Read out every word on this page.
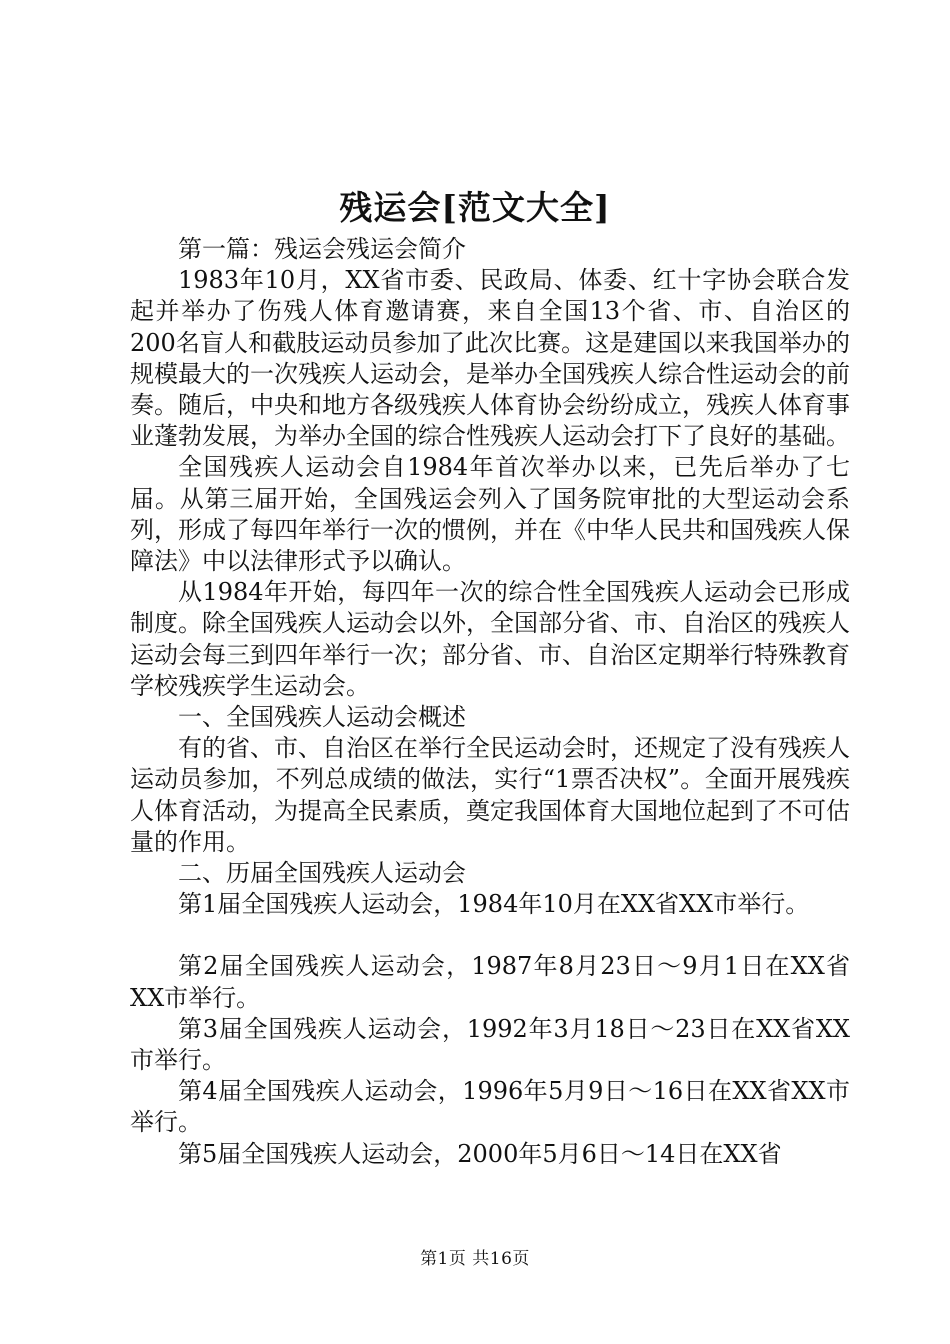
残运会[范文大全]

第一篇：残运会残运会简介

1983年10月，XX省市委、民政局、体委、红十字协会联合发起并举办了伤残人体育邀请赛，来自全国13个省、市、自治区的200名盲人和截肢运动员参加了此次比赛。这是建国以来我国举办的规模最大的一次残疾人运动会，是举办全国残疾人综合性运动会的前奏。随后，中央和地方各级残疾人体育协会纷纷成立，残疾人体育事业蓬勃发展，为举办全国的综合性残疾人运动会打下了良好的基础。

全国残疾人运动会自1984年首次举办以来，已先后举办了七届。从第三届开始，全国残运会列入了国务院审批的大型运动会系列，形成了每四年举行一次的惯例，并在《中华人民共和国残疾人保障法》中以法律形式予以确认。

从1984年开始，每四年一次的综合性全国残疾人运动会已形成制度。除全国残疾人运动会以外，全国部分省、市、自治区的残疾人运动会每三到四年举行一次；部分省、市、自治区定期举行特殊教育学校残疾学生运动会。

一、全国残疾人运动会概述

有的省、市、自治区在举行全民运动会时，还规定了没有残疾人运动员参加，不列总成绩的做法，实行“1票否决权”。全面开展残疾人体育活动，为提高全民素质，奠定我国体育大国地位起到了不可估量的作用。

二、历届全国残疾人运动会

第1届全国残疾人运动会，1984年10月在XX省XX市举行。

第2届全国残疾人运动会，1987年8月23日～9月1日在XX省XX市举行。

第3届全国残疾人运动会，1992年3月18日～23日在XX省XX市举行。

第4届全国残疾人运动会，1996年5月9日～16日在XX省XX市举行。

第5届全国残疾人运动会，2000年5月6日～14日在XX省

第1页 共16页
